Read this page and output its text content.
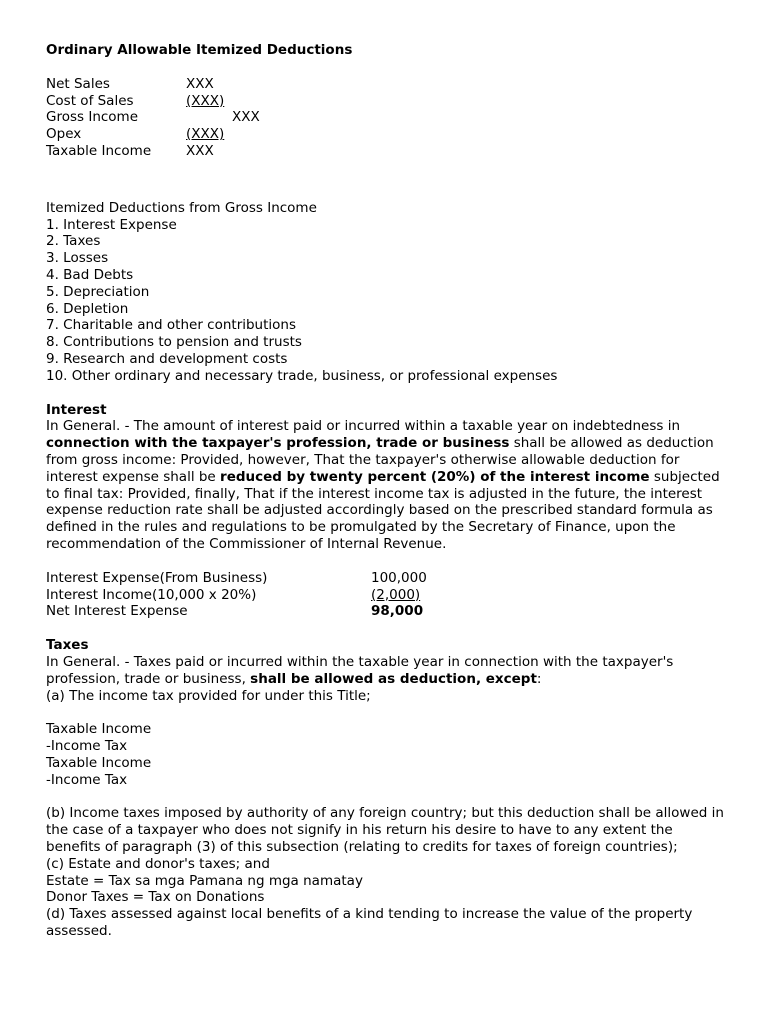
Ordinary Allowable Itemized Deductions

Net Sales	XXX
Cost of Sales	(XXX)
Gross Income	XXX
Opex	(XXX)
Taxable Income	XXX

Itemized Deductions from Gross Income

1. Interest Expense

2. Taxes

3. Losses

4. Bad Debts

5. Depreciation

6. Depletion

7. Charitable and other contributions

8. Contributions to pension and trusts

9. Research and development costs

10. Other ordinary and necessary trade, business, or professional expenses

Interest

In General. - The amount of interest paid or incurred within a taxable year on indebtedness in connection with the taxpayer's profession, trade or business shall be allowed as deduction from gross income: Provided, however, That the taxpayer's otherwise allowable deduction for interest expense shall be reduced by twenty percent (20%) of the interest income subjected to final tax: Provided, finally, That if the interest income tax is adjusted in the future, the interest expense reduction rate shall be adjusted accordingly based on the prescribed standard formula as defined in the rules and regulations to be promulgated by the Secretary of Finance, upon the recommendation of the Commissioner of Internal Revenue.

Interest Expense(From Business)	100,000
Interest Income(10,000 x 20%)	(2,000)
Net Interest Expense	98,000

Taxes

In General. - Taxes paid or incurred within the taxable year in connection with the taxpayer's profession, trade or business, shall be allowed as deduction, except:

(a) The income tax provided for under this Title;

Taxable Income

-Income Tax

Taxable Income

-Income Tax

(b) Income taxes imposed by authority of any foreign country; but this deduction shall be allowed in the case of a taxpayer who does not signify in his return his desire to have to any extent the benefits of paragraph (3) of this subsection (relating to credits for taxes of foreign countries);

(c) Estate and donor's taxes; and

Estate = Tax sa mga Pamana ng mga namatay

Donor Taxes = Tax on Donations

(d) Taxes assessed against local benefits of a kind tending to increase the value of the property assessed.
